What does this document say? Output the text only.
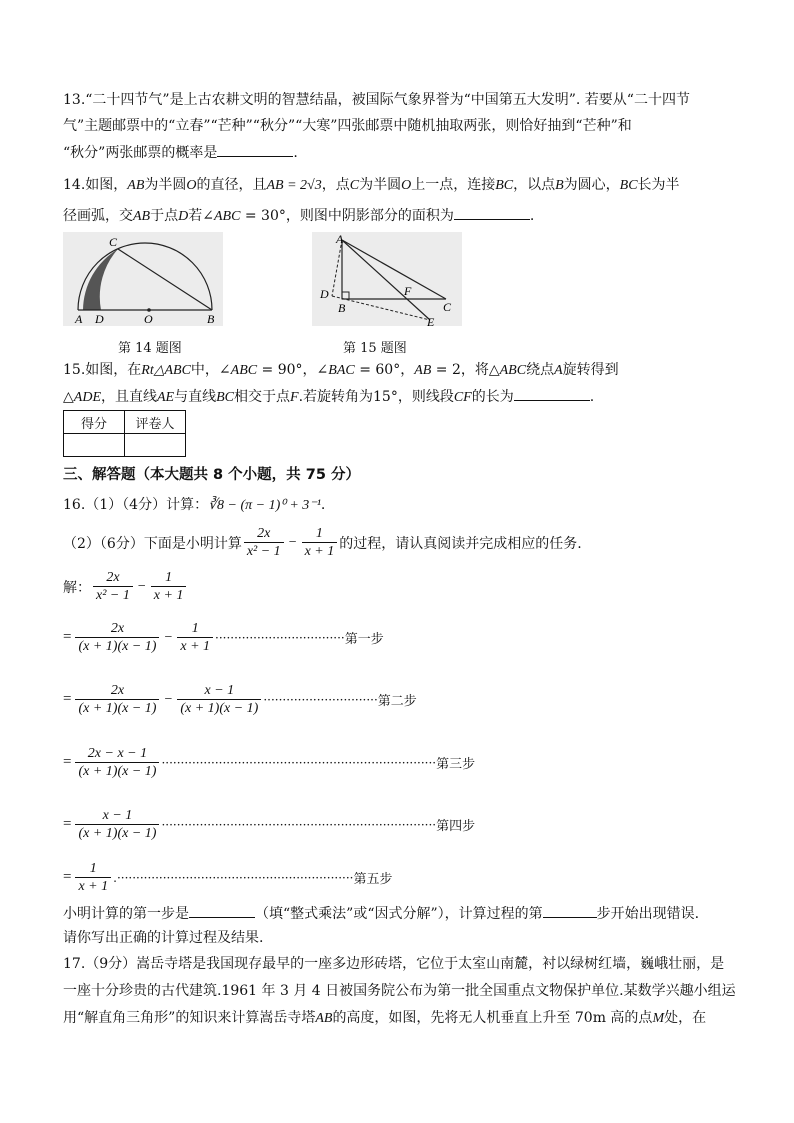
13.“二十四节气”是上古农耕文明的智慧结晶，被国际气象界誉为“中国第五大发明”. 若要从“二十四节
气”主题邮票中的“立春”“芒种”“秋分”“大寒”四张邮票中随机抽取两张，则恰好抽到“芒种”和
“秋分”两张邮票的概率是	.
14.如图，AB为半圆O的直径，且AB = 2√3，点C为半圆O上一点，连接BC，以点B为圆心，BC长为半
径画弧，交AB于点D若∠ABC = 30°，则图中阴影部分的面积为	.
C
A D	O	B
第 14 题图
A
D
B
F
C
E
第 15 题图
15.如图，在Rt△ABC中，∠ABC = 90°，∠BAC = 60°，AB = 2，将△ABC绕点A旋转得到
△ADE，且直线AE与直线BC相交于点F.若旋转角为15°，则线段CF的长为	.
得分	评卷人

三、解答题（本大题共 8 个小题，共 75 分）
16.（1）（4分）计算：∛8 − (π − 1)⁰ + 3⁻¹.
（2）（6分）下面是小明计算 $\frac{2x}{\text{x² − 1}} - \frac{1}{x + 1}$ 的过程，请认真阅读并完成相应的任务.
解： $\frac{2x}{\text{x² − 1}} - \frac{1}{x + 1}$
= $\frac{2x}{(x + 1)(x - 1)} - \frac{1}{x + 1}$ ·································· 第一步
= $\frac{2x}{(x + 1)(x - 1)} - \frac{x - 1}{(x + 1)(x - 1)}$ ······························ 第二步
= $\frac{2x - x - 1}{(x + 1)(x - 1)}$ ········································································ 第三步
= $\frac{x - 1}{(x + 1)(x - 1)}$ ········································································ 第四步
= $\frac{1}{x + 1}$ .······························································ 第五步
小明计算的第一步是	（填“整式乘法”或“因式分解”），计算过程的第	步开始出现错误.
请你写出正确的计算过程及结果.
17.（9分）嵩岳寺塔是我国现存最早的一座多边形砖塔，它位于太室山南麓，衬以绿树红墙，巍峨壮丽，是
一座十分珍贵的古代建筑.1961 年 3 月 4 日被国务院公布为第一批全国重点文物保护单位.某数学兴趣小组运
用“解直角三角形”的知识来计算嵩岳寺塔AB的高度，如图，先将无人机垂直上升至 70m 高的点M处，在
